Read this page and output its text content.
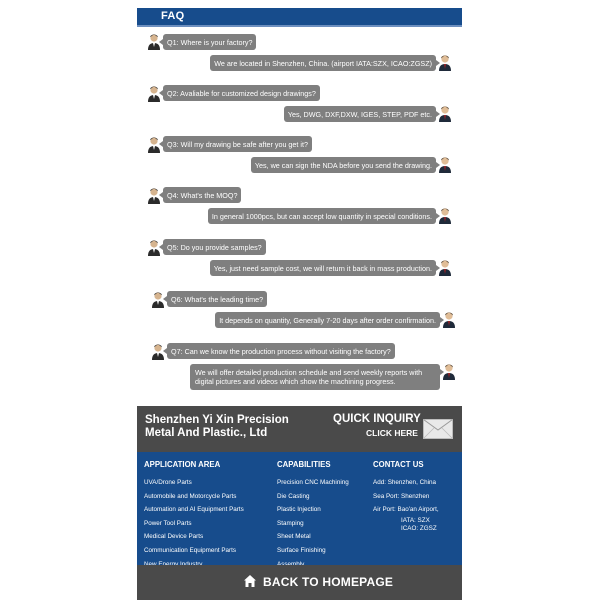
FAQ
Q1: Where is your factory?
We are located in Shenzhen, China. (airport IATA:SZX, ICAO:ZGSZ)
Q2: Avaliable for customized design drawings?
Yes, DWG, DXF,DXW, IGES, STEP, PDF etc.
Q3: Will my drawing be safe after you get it?
Yes, we can sign the NDA before you send the drawing.
Q4: What's the MOQ?
In general 1000pcs, but can accept low quantity in special conditions.
Q5: Do you provide samples?
Yes, just need sample cost, we will return it back in mass production.
Q6: What's the leading time?
It depends on quantity, Generally 7-20 days after order confirmation.
Q7: Can we know the production process without visiting the factory?
We will offer detailed production schedule and send weekly reports with digital pictures and videos which show the machining progress.
Shenzhen Yi Xin Precision
Metal And Plastic., Ltd
QUICK INQUIRY
CLICK HERE
APPLICATION AREA
UVA/Drone Parts
Automobile and Motorcycle Parts
Automation and AI Equipment Parts
Power Tool Parts
Medical Device Parts
Communication Equipment Parts
CAPABILITIES
Precision CNC Machining
Die Casting
Plastic Injection
Stamping
Sheet Metal
Surface Finishing
CONTACT US
Add: Shenzhen, China
Sea Port: Shenzhen
Air Port: Bao'an Airport,
IATA: SZX
ICAO: ZGSZ
BACK TO HOMEPAGE
